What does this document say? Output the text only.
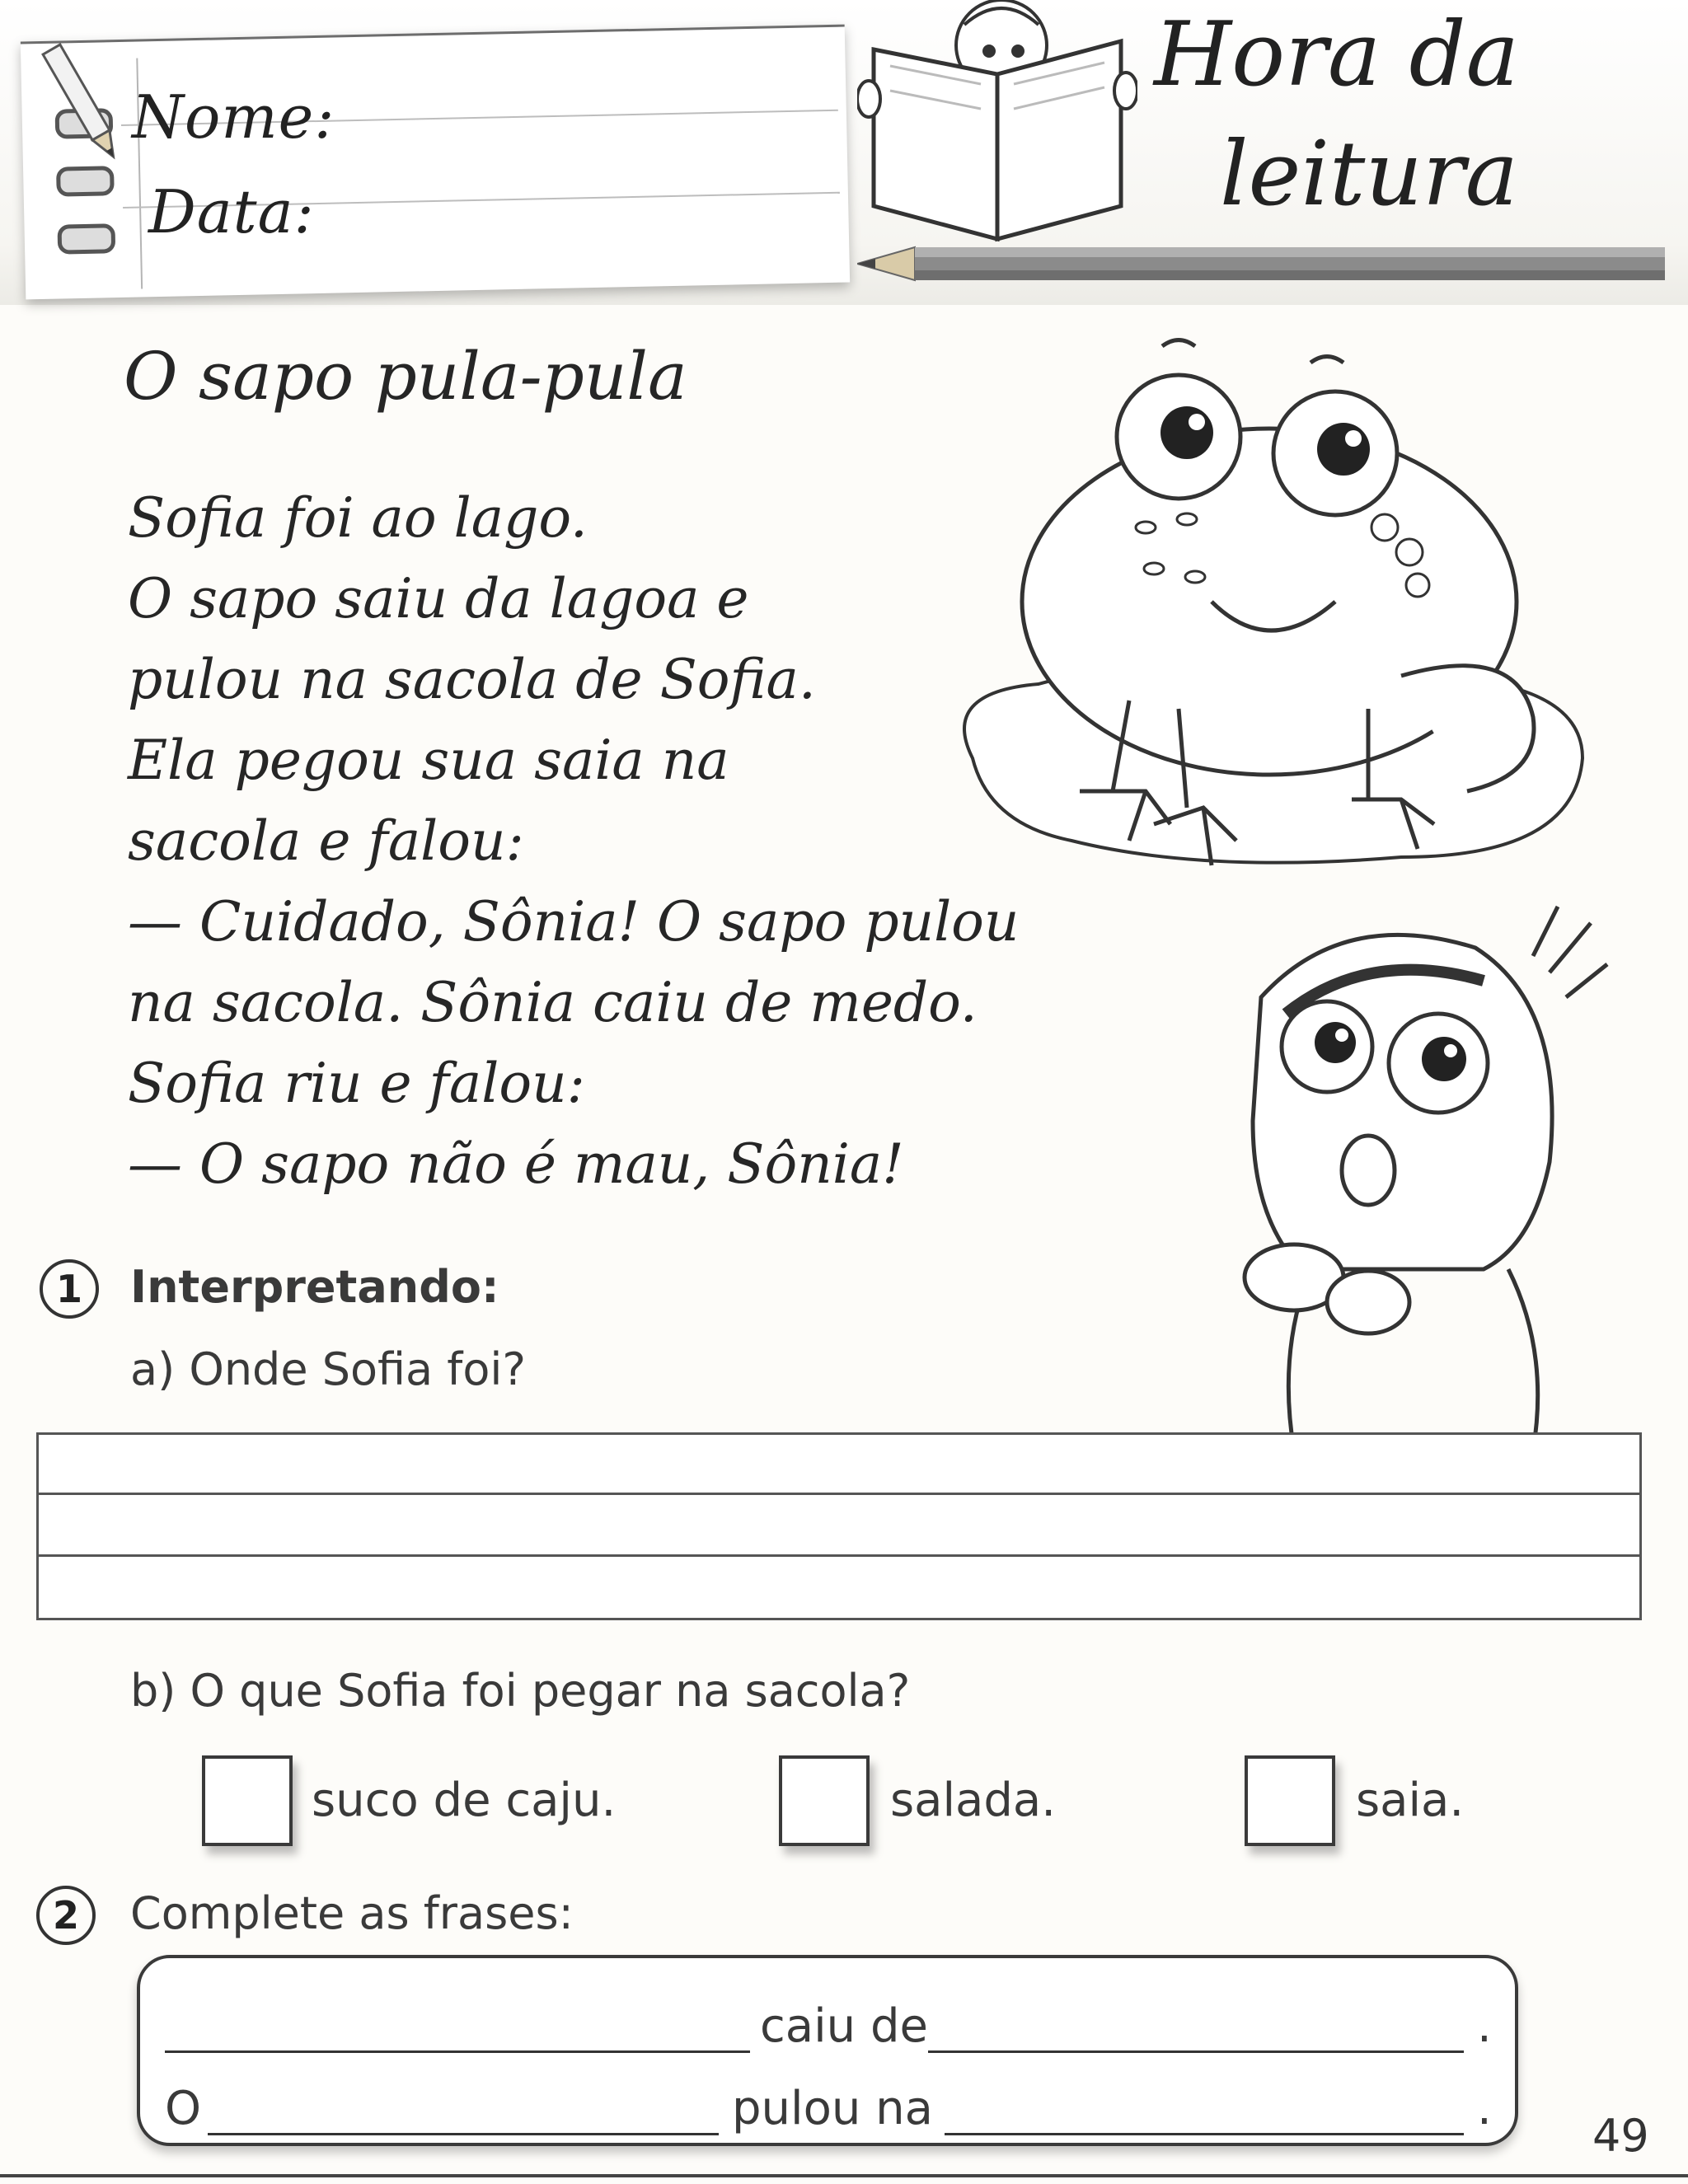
Nome:
Data:
Hora da
leitura
O sapo pula-pula
Sofia foi ao lago.
O sapo saiu da lagoa e
pulou na sacola de Sofia.
Ela pegou sua saia na
sacola e falou:
— Cuidado, Sônia! O sapo pulou
na sacola. Sônia caiu de medo.
Sofia riu e falou:
— O sapo não é mau, Sônia!
1	Interpretando:
a) Onde Sofia foi?
b) O que Sofia foi pegar na sacola?
suco de caju.	salada.	saia.
2	Complete as frases:
caiu de	.
O	pulou na	.
49
